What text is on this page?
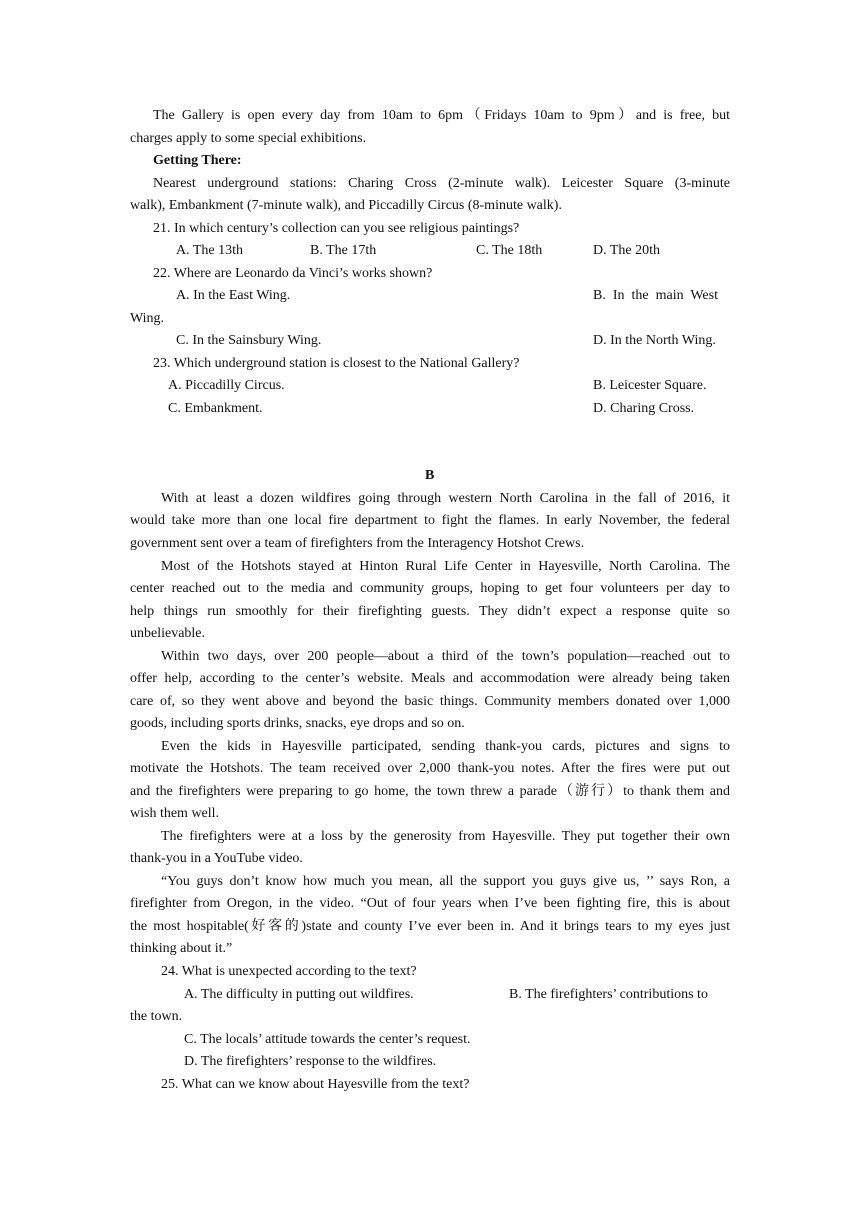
The Gallery is open every day from 10am to 6pm（Fridays 10am to 9pm）and is free, but
charges apply to some special exhibitions.
Getting There:
Nearest underground stations: Charing Cross (2-minute walk). Leicester Square (3-minute
walk), Embankment (7-minute walk), and Piccadilly Circus (8-minute walk).
21. In which century’s collection can you see religious paintings?
A. The 13th	B. The 17th	C. The 18th	D. The 20th
22. Where are Leonardo da Vinci’s works shown?
A. In the East Wing.	B.  In  the  main  West
Wing.
C. In the Sainsbury Wing.	D. In the North Wing.
23. Which underground station is closest to the National Gallery?
A. Piccadilly Circus.	B. Leicester Square.
C. Embankment.	D. Charing Cross.
B
With at least a dozen wildfires going through western North Carolina in the fall of 2016, it
would take more than one local fire department to fight the flames. In early November, the federal
government sent over a team of firefighters from the Interagency Hotshot Crews.
Most of the Hotshots stayed at Hinton Rural Life Center in Hayesville, North Carolina. The
center reached out to the media and community groups, hoping to get four volunteers per day to
help things run smoothly for their firefighting guests. They didn’t expect a response quite so
unbelievable.
Within two days, over 200 people—about a third of the town’s population—reached out to
offer help, according to the center’s website. Meals and accommodation were already being taken
care of, so they went above and beyond the basic things. Community members donated over 1,000
goods, including sports drinks, snacks, eye drops and so on.
Even the kids in Hayesville participated, sending thank-you cards, pictures and signs to
motivate the Hotshots. The team received over 2,000 thank-you notes. After the fires were put out
and the firefighters were preparing to go home, the town threw a parade（游行）to thank them and
wish them well.
The firefighters were at a loss by the generosity from Hayesville. They put together their own
thank-you in a YouTube video.
“You guys don’t know how much you mean, all the support you guys give us, ’’ says Ron, a
firefighter from Oregon, in the video. “Out of four years when I’ve been fighting fire, this is about
the most hospitable(好客的)state and county I’ve ever been in. And it brings tears to my eyes just
thinking about it.”
24. What is unexpected according to the text?
A. The difficulty in putting out wildfires.	B. The firefighters’ contributions to
the town.
C. The locals’ attitude towards the center’s request.
D. The firefighters’ response to the wildfires.
25. What can we know about Hayesville from the text?
